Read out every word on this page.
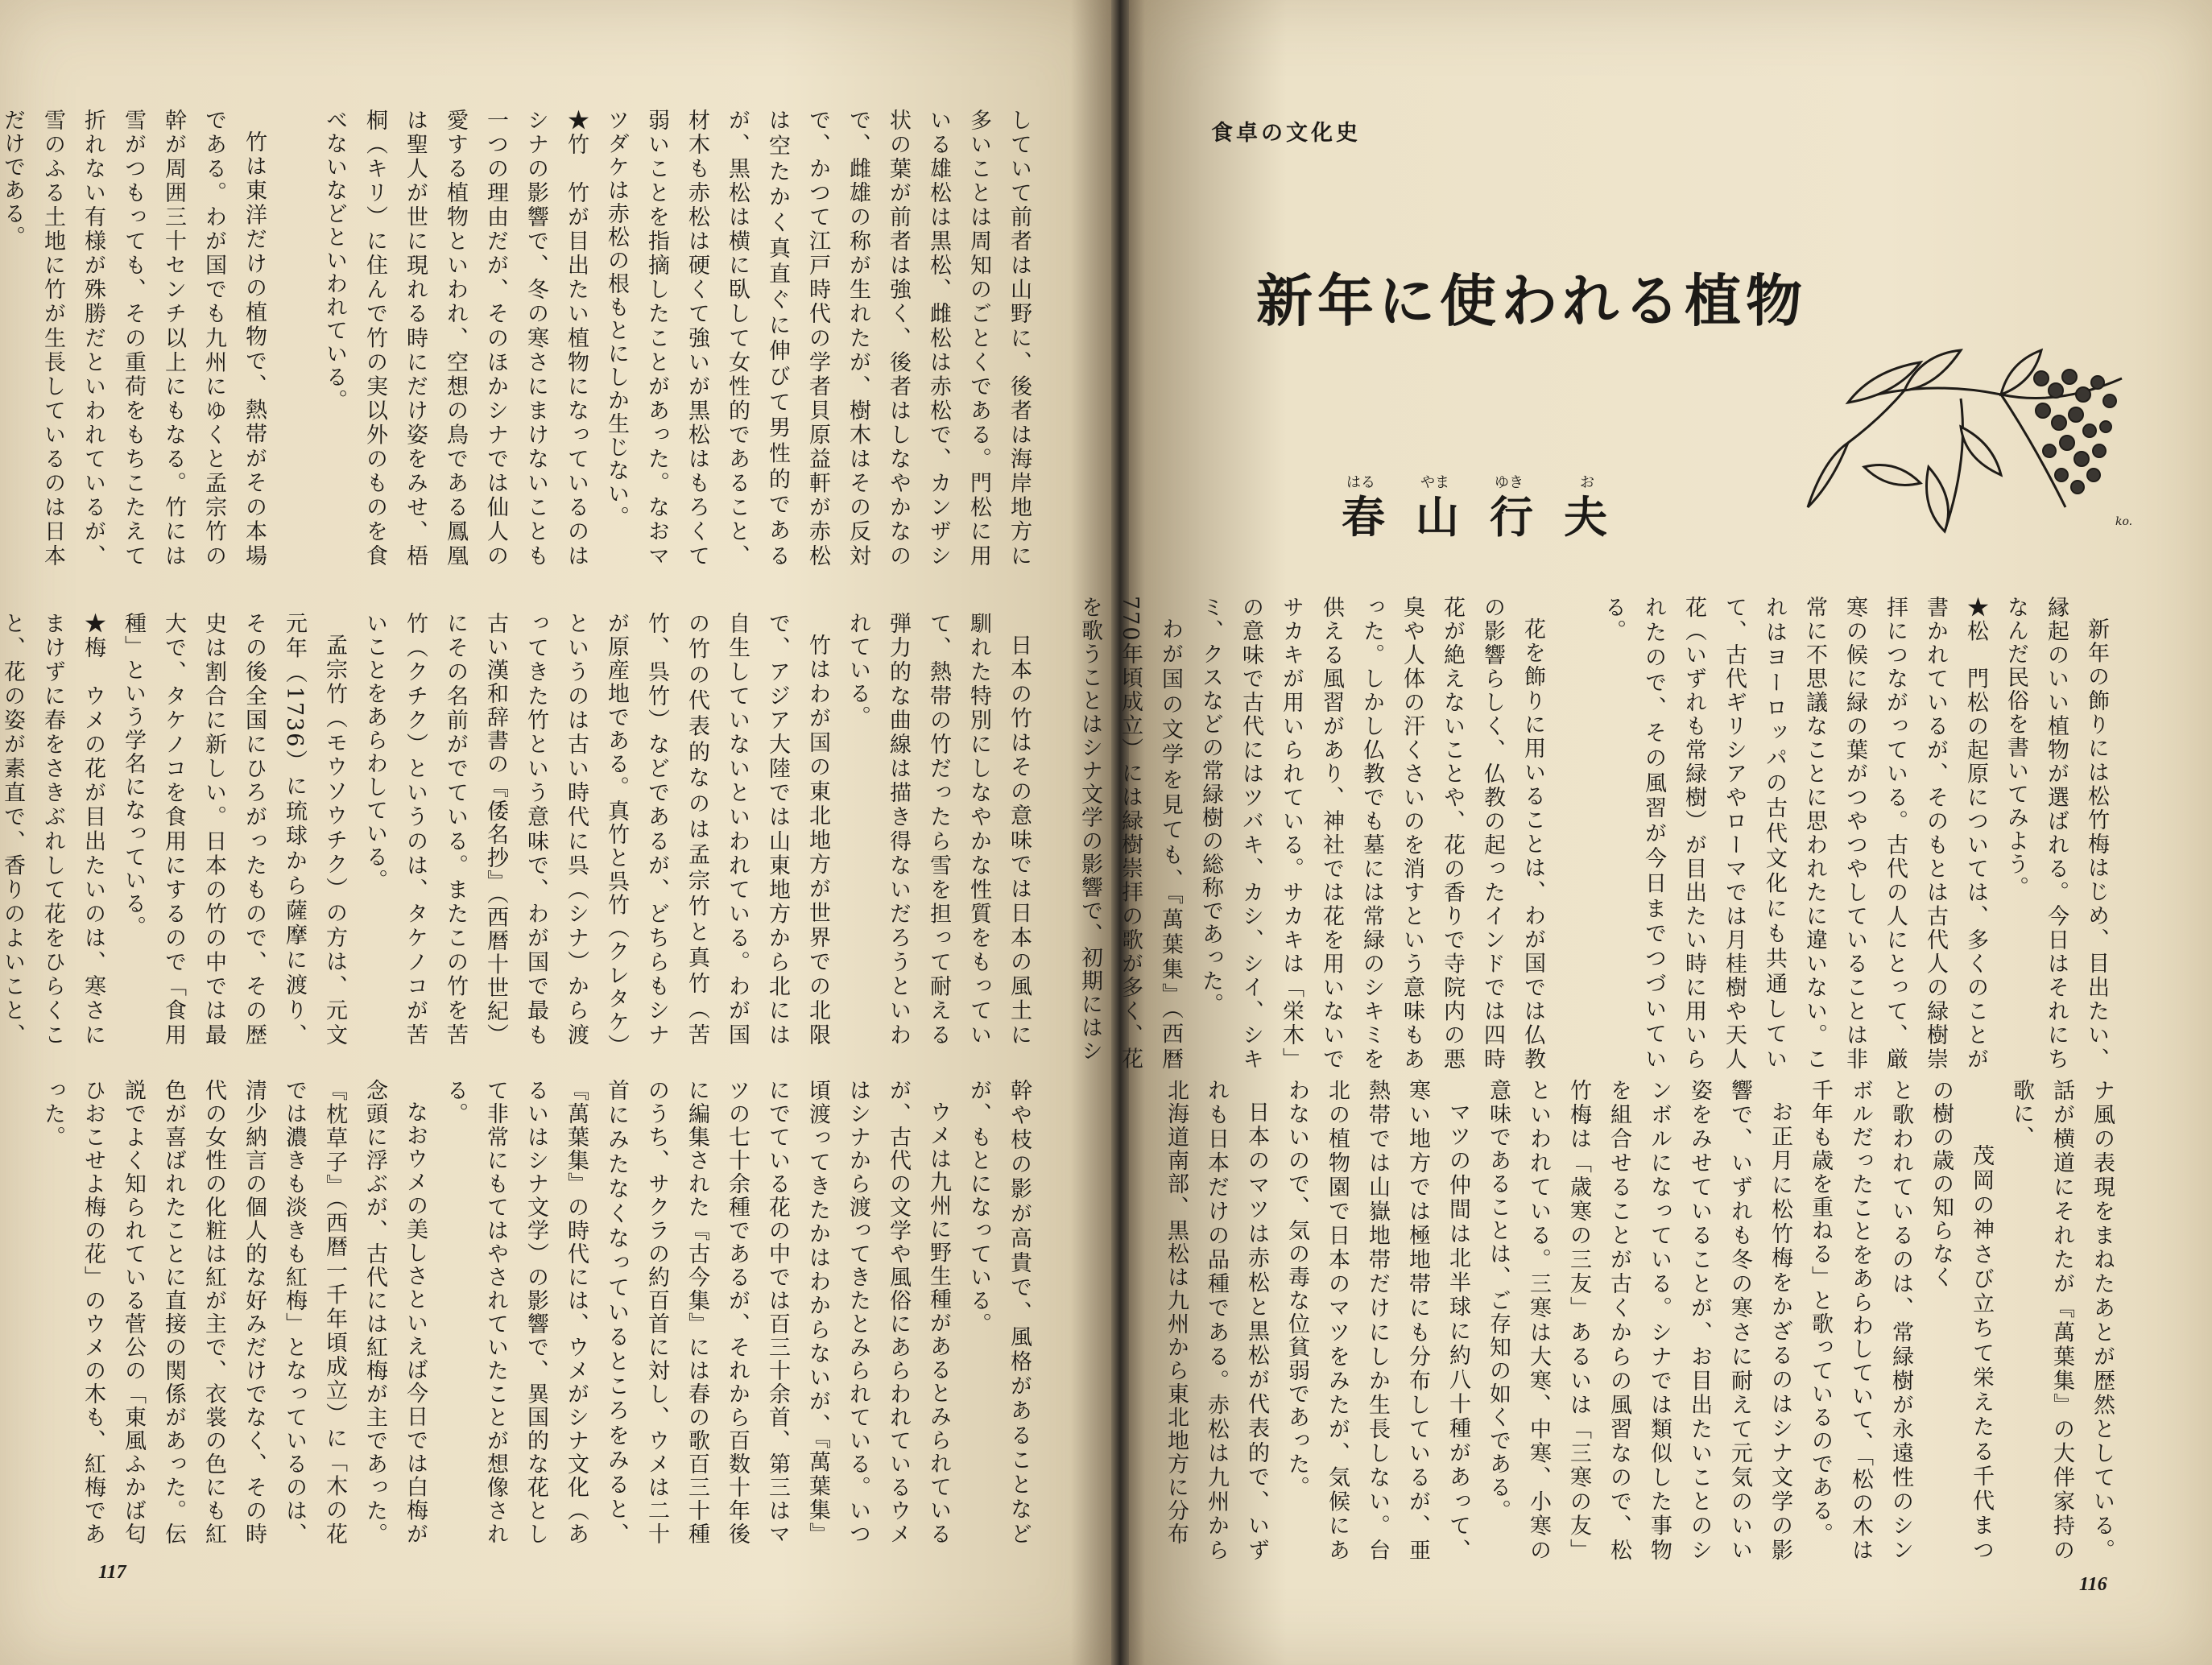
食卓の文化史
新年に使われる植物
ko.
はる	やま	ゆき	お
春山行夫

新年の飾りには松竹梅はじめ、目出たい、縁起のいい植物が選ばれる。今日はそれにちなんだ民俗を書いてみよう。

★松　門松の起原については、多くのことが書かれているが、そのもとは古代人の緑樹崇拝につながっている。古代の人にとって、厳寒の候に緑の葉がつやつやしていることは非常に不思議なことに思われたに違いない。これはヨーロッパの古代文化にも共通していて、古代ギリシアやローマでは月桂樹や天人花（いずれも常緑樹）が目出たい時に用いられたので、その風習が今日までつづいている。

花を飾りに用いることは、わが国では仏教の影響らしく、仏教の起ったインドでは四時花が絶えないことや、花の香りで寺院内の悪臭や人体の汗くさいのを消すという意味もあった。しかし仏教でも墓には常緑のシキミを供える風習があり、神社では花を用いないでサカキが用いられている。サカキは「栄木」の意味で古代にはツバキ、カシ、シイ、シキミ、クスなどの常緑樹の総称であった。

わが国の文学を見ても、『萬葉集』（西暦770年頃成立）には緑樹崇拝の歌が多く、花を歌うことはシナ文学の影響で、初期にはシ

ナ風の表現をまねたあとが歴然としている。話が横道にそれたが『萬葉集』の大伴家持の歌に、

茂岡の神さび立ちて栄えたる千代まつの樹の歳の知らなく

と歌われているのは、常緑樹が永遠性のシンボルだったことをあらわしていて、「松の木は千年も歳を重ねる」と歌っているのである。

お正月に松竹梅をかざるのはシナ文学の影響で、いずれも冬の寒さに耐えて元気のいい姿をみせていることが、お目出たいことのシンボルになっている。シナでは類似した事物を組合せることが古くからの風習なので、松竹梅は「歳寒の三友」あるいは「三寒の友」といわれている。三寒は大寒、中寒、小寒の意味であることは、ご存知の如くである。

マツの仲間は北半球に約八十種があって、寒い地方では極地帯にも分布しているが、亜熱帯では山嶽地帯だけにしか生長しない。台北の植物園で日本のマツをみたが、気候にあわないので、気の毒な位貧弱であった。

日本のマツは赤松と黒松が代表的で、いずれも日本だけの品種である。赤松は九州から北海道南部、黒松は九州から東北地方に分布

していて前者は山野に、後者は海岸地方に多いことは周知のごとくである。門松に用いる雄松は黒松、雌松は赤松で、カンザシ状の葉が前者は強く、後者はしなやかなので、雌雄の称が生れたが、樹木はその反対で、かつて江戸時代の学者貝原益軒が赤松は空たかく真直ぐに伸びて男性的であるが、黒松は横に臥して女性的であること、材木も赤松は硬くて強いが黒松はもろくて弱いことを指摘したことがあった。なおマツダケは赤松の根もとにしか生じない。

★竹　竹が目出たい植物になっているのはシナの影響で、冬の寒さにまけないことも一つの理由だが、そのほかシナでは仙人の愛する植物といわれ、空想の鳥である鳳凰は聖人が世に現れる時にだけ姿をみせ、梧桐（キリ）に住んで竹の実以外のものを食べないなどといわれている。

竹は東洋だけの植物で、熱帯がその本場である。わが国でも九州にゆくと孟宗竹の幹が周囲三十センチ以上にもなる。竹には雪がつもっても、その重荷をもちこたえて折れない有様が殊勝だといわれているが、雪のふる土地に竹が生長しているのは日本だけである。

日本の竹はその意味では日本の風土に馴れた特別にしなやかな性質をもっていて、熱帯の竹だったら雪を担って耐える弾力的な曲線は描き得ないだろうといわれている。

竹はわが国の東北地方が世界での北限で、アジア大陸では山東地方から北には自生していないといわれている。わが国の竹の代表的なのは孟宗竹と真竹（苦竹、呉竹）などであるが、どちらもシナが原産地である。真竹と呉竹（クレタケ）というのは古い時代に呉（シナ）から渡ってきた竹という意味で、わが国で最も古い漢和辞書の『倭名抄』（西暦十世紀）にその名前がでている。またこの竹を苦竹（クチク）というのは、タケノコが苦いことをあらわしている。

孟宗竹（モウソウチク）の方は、元文元年（1736）に琉球から薩摩に渡り、その後全国にひろがったもので、その歴史は割合に新しい。日本の竹の中では最大で、タケノコを食用にするので「食用種」という学名になっている。

★梅　ウメの花が目出たいのは、寒さにまけずに春をさきぶれして花をひらくこと、花の姿が素直で、香りのよいこと、

幹や枝の影が高貴で、風格があることなどが、もとになっている。

ウメは九州に野生種があるとみられているが、古代の文学や風俗にあらわれているウメはシナから渡ってきたとみられている。いつ頃渡ってきたかはわからないが、『萬葉集』にでている花の中では百三十余首、第三はマツの七十余種であるが、それから百数十年後に編集された『古今集』には春の歌百三十種のうち、サクラの約百首に対し、ウメは二十首にみたなくなっているところをみると、『萬葉集』の時代には、ウメがシナ文化（あるいはシナ文学）の影響で、異国的な花として非常にもてはやされていたことが想像される。

なおウメの美しさといえば今日では白梅が念頭に浮ぶが、古代には紅梅が主であった。『枕草子』（西暦一千年頃成立）に「木の花では濃きも淡きも紅梅」となっているのは、清少納言の個人的な好みだけでなく、その時代の女性の化粧は紅が主で、衣裳の色にも紅色が喜ばれたことに直接の関係があった。伝説でよく知られている菅公の「東風ふかば匂ひおこせよ梅の花」のウメの木も、紅梅であった。

117
116
